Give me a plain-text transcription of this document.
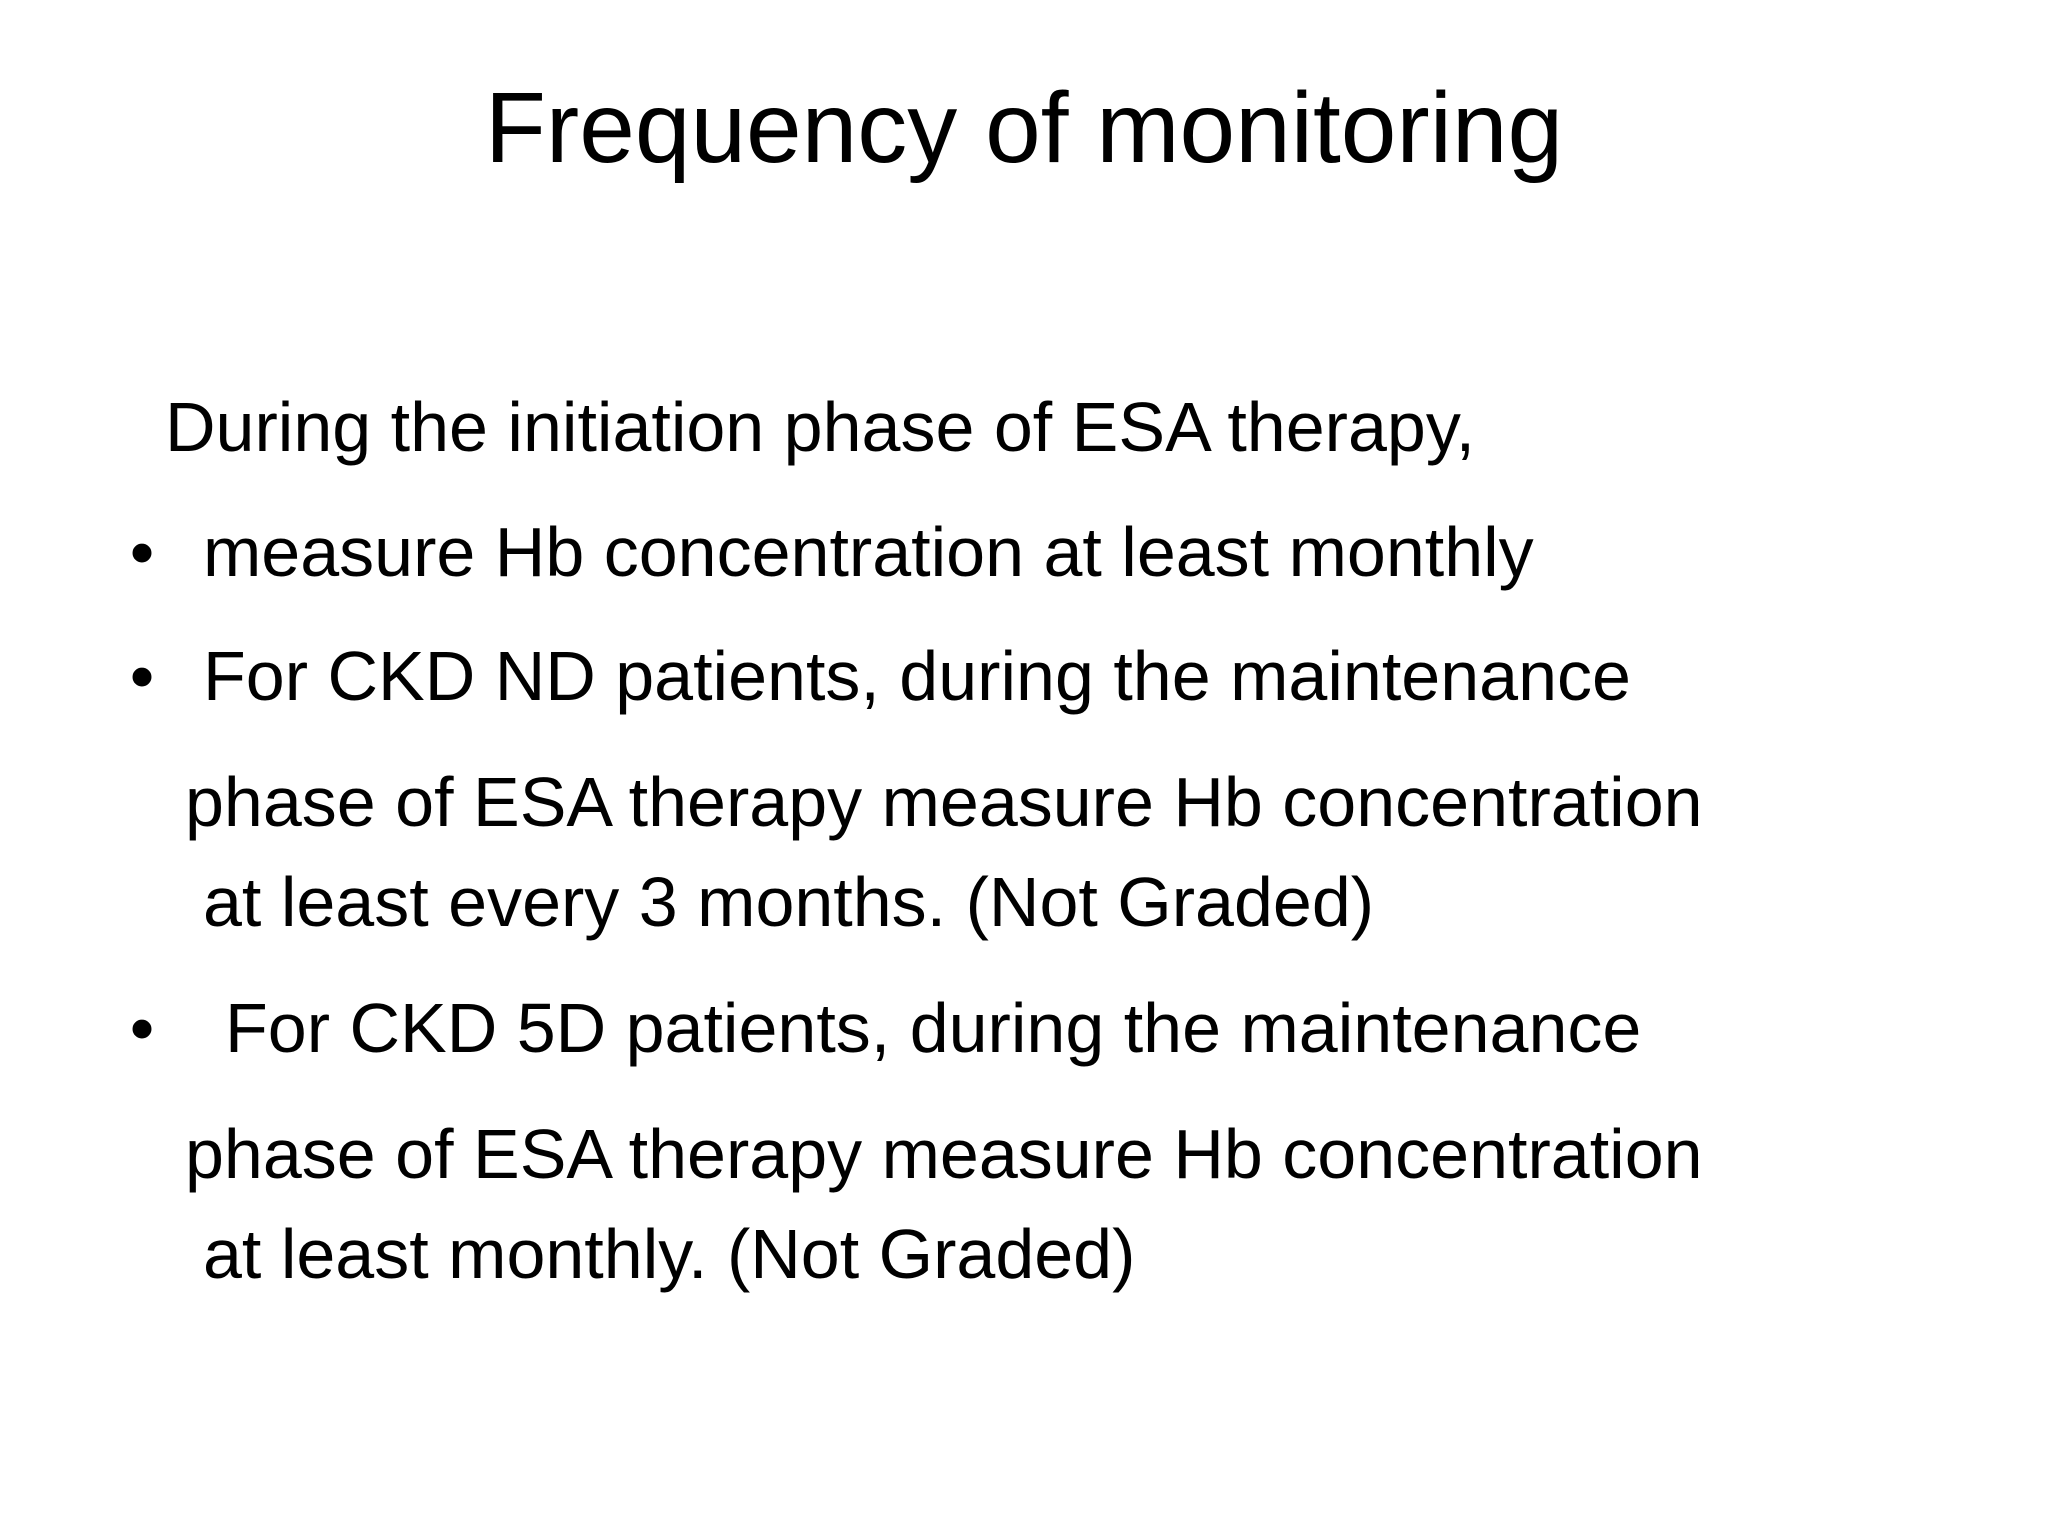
Frequency of monitoring
During the initiation phase of ESA therapy,
• measure Hb concentration at least monthly
• For CKD ND patients, during the maintenance
phase of ESA therapy measure Hb concentration
at least every 3 months. (Not Graded)
• For CKD 5D patients, during the maintenance
phase of ESA therapy measure Hb concentration
at least monthly. (Not Graded)
